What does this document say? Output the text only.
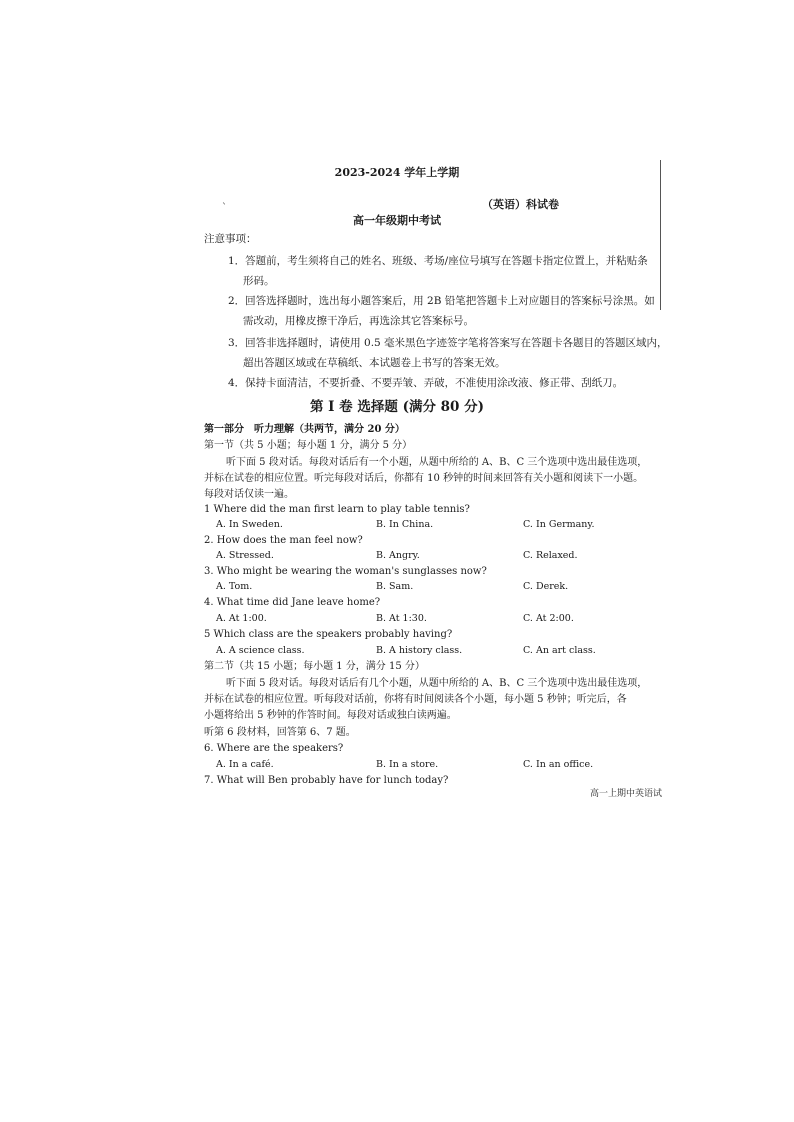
ˋ
2023-2024 学年上学期
（英语）科试卷
高一年级期中考试
注意事项：
1．答题前，考生须将自己的姓名、班级、考场/座位号填写在答题卡指定位置上，并粘贴条
形码。
2．回答选择题时，选出每小题答案后，用 2B 铅笔把答题卡上对应题目的答案标号涂黑。如
需改动，用橡皮擦干净后，再选涂其它答案标号。
3．回答非选择题时，请使用 0.5 毫米黑色字迹签字笔将答案写在答题卡各题目的答题区域内，
超出答题区域或在草稿纸、本试题卷上书写的答案无效。
4．保持卡面清洁，不要折叠、不要弄皱、弄破，不准使用涂改液、修正带、刮纸刀。
第 I 卷 选择题 (满分 80 分)
第一部分　听力理解（共两节，满分 20 分）
第一节（共 5 小题；每小题 1 分，满分 5 分）
听下面 5 段对话。每段对话后有一个小题，从题中所给的 A、B、C 三个选项中选出最佳选项，
并标在试卷的相应位置。听完每段对话后，你都有 10 秒钟的时间来回答有关小题和阅读下一小题。
每段对话仅读一遍。
1 Where did the man first learn to play table tennis?
A. In Sweden.	B. In China.	C. In Germany.
2. How does the man feel now?
A. Stressed.	B. Angry.	C. Relaxed.
3. Who might be wearing the woman's sunglasses now?
A. Tom.	B. Sam.	C. Derek.
4. What time did Jane leave home?
A. At 1:00.	B. At 1:30.	C. At 2:00.
5 Which class are the speakers probably having?
A. A science class.	B. A history class.	C. An art class.
第二节（共 15 小题；每小题 1 分，满分 15 分）
听下面 5 段对话。每段对话后有几个小题，从题中所给的 A、B、C 三个选项中选出最佳选项，
并标在试卷的相应位置。听每段对话前，你将有时间阅读各个小题，每小题 5 秒钟；听完后，各
小题将给出 5 秒钟的作答时间。每段对话或独白读两遍。
听第 6 段材料，回答第 6、7 题。
6. Where are the speakers?
A. In a café.	B. In a store.	C. In an office.
7. What will Ben probably have for lunch today?
高一上期中英语试
